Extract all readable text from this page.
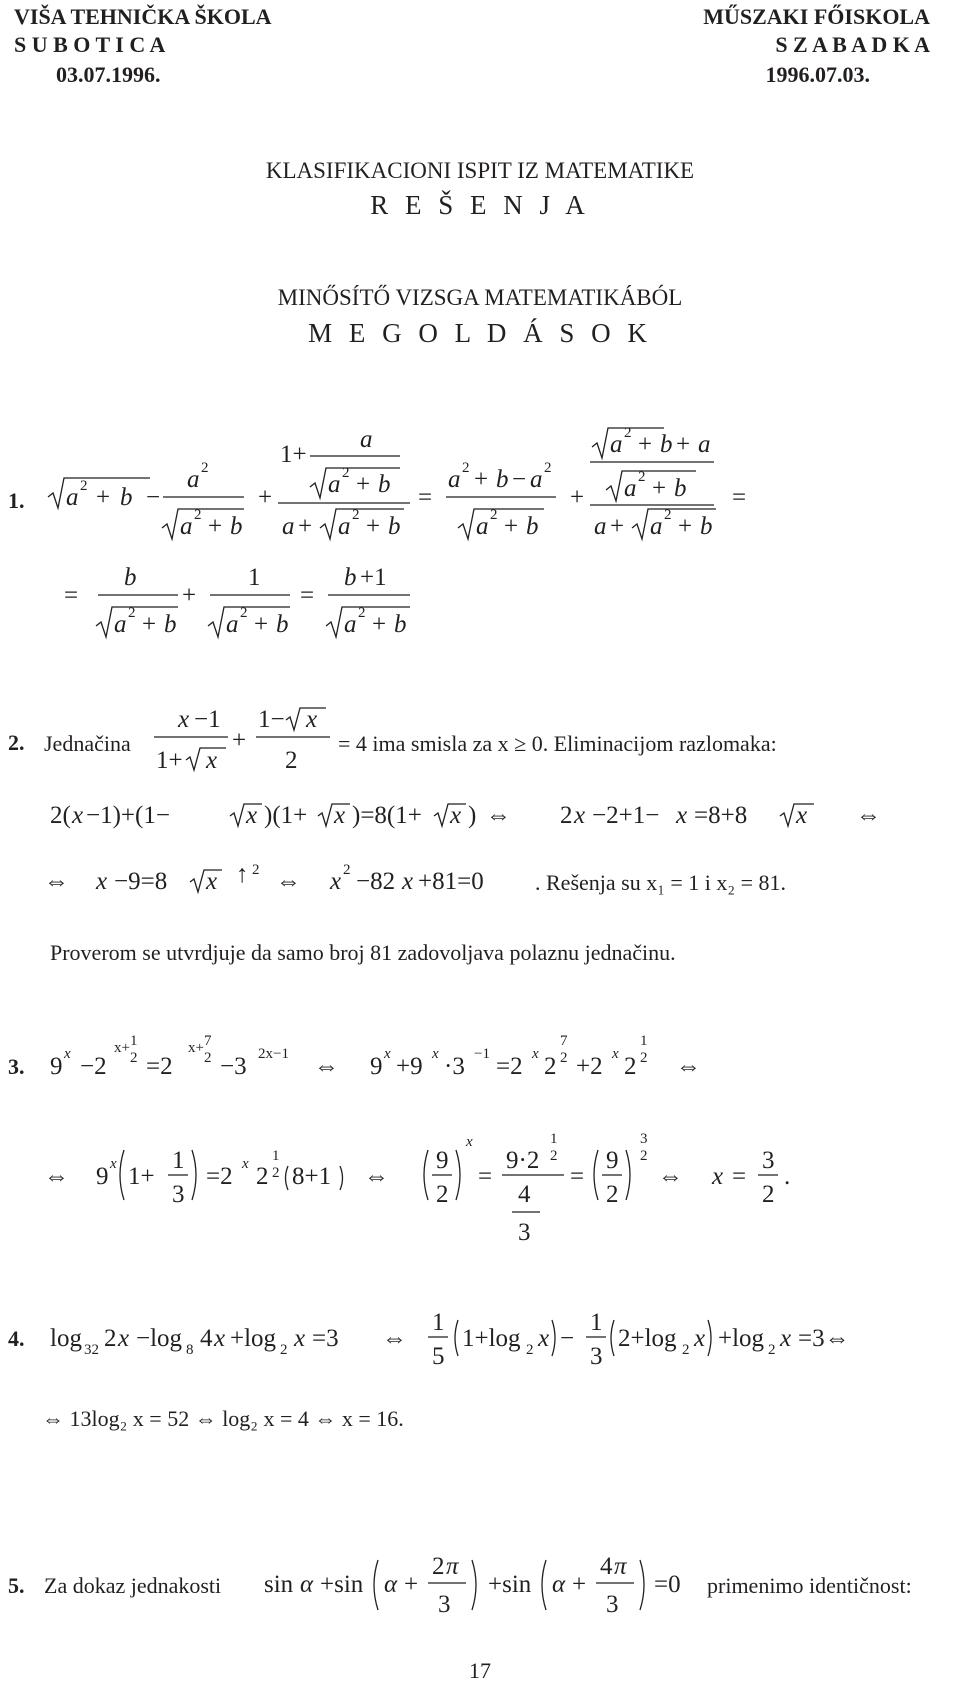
VIŠA TEHNIČKA ŠKOLA
S U B O T I C A
03.07.1996.
MŰSZAKI FŐISKOLA
S Z A B A D K A
1996.07.03.
KLASIFIKACIONI ISPIT IZ MATEMATIKE
R E Š E N J A
MINŐSÍTŐ VIZSGA MATEMATIKÁBÓL
M E G O L D Á S O K
1.
2.
3.
4.
5.
Jednačina	= 4 ima smisla za x ≥ 0. Eliminacijom razlomaka:
. Rešenja su x₁ = 1 i x₂ = 81.
Proverom se utvrdjuje da samo broj 81 zadovoljava polaznu jednačinu.
⇔ 13log₂ x = 52 ⇔ log₂ x = 4 ⇔ x = 16.
Za dokaz jednakosti	primenimo identičnost:
17
a 2 + b −
a 2
a 2 + b
+
1+
a
a 2 + b
a + a 2 + b
=
a 2 + b − a 2
a 2 + b
+
a 2 + b + a
a 2 + b
a + a 2 + b
=
=
b
a 2 + b
+
1
a 2 + b
=
b +1
a 2 + b
x −1
1+ x
+
1− x
2
2( x −1)+(1−	x )(1+ x )=8(1+ x ) ⇔ 2 x −2+1− x =8+8 x ⇔
⇔ x −9=8 x ↑ 2 ⇔ x 2 −82 x +81=0
9 x −2
x+ 1
2 =2
x+ 7
2 −3 2x−1 ⇔ 9 x +9 x ·3 −1 =2 x 2
7
2 +2 x 2
1
2 ⇔
⇔ 9 x 1+
1
3
=2 x 2
1
2 8+1 ⇔
9
2
x
=
9·2
1
2
4
3
=
9
2
3
2
⇔ x =
3
2
.
log 32 2 x −log 8 4 x +log 2 x =3 ⇔
1
5
1+log 2 x −
1
3
2+log 2 x +log 2 x =3⇔
sin α +sin α +
2 π
3
+sin α +
4 π
3
=0
